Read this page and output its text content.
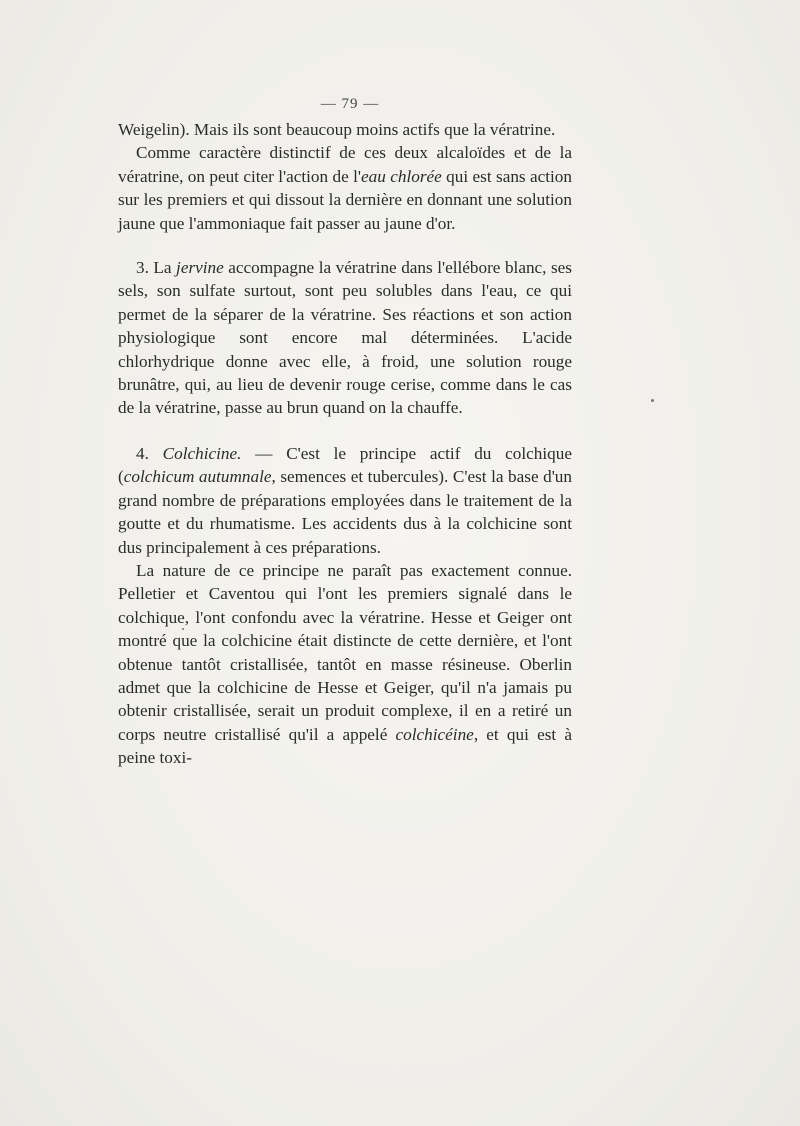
— 79 —

Weigelin). Mais ils sont beaucoup moins actifs que la vératrine.

Comme caractère distinctif de ces deux alcaloïdes et de la vératrine, on peut citer l'action de l'eau chlorée qui est sans action sur les premiers et qui dissout la dernière en donnant une solution jaune que l'ammoniaque fait passer au jaune d'or.

3. La jervine accompagne la vératrine dans l'ellébore blanc, ses sels, son sulfate surtout, sont peu solubles dans l'eau, ce qui permet de la séparer de la vératrine. Ses réactions et son action physiologique sont encore mal déterminées. L'acide chlorhydrique donne avec elle, à froid, une solution rouge brunâtre, qui, au lieu de devenir rouge cerise, comme dans le cas de la vératrine, passe au brun quand on la chauffe.

4. Colchicine. — C'est le principe actif du colchique (colchicum autumnale, semences et tubercules). C'est la base d'un grand nombre de préparations employées dans le traitement de la goutte et du rhumatisme. Les accidents dus à la colchicine sont dus principalement à ces préparations.

La nature de ce principe ne paraît pas exactement connue. Pelletier et Caventou qui l'ont les premiers signalé dans le colchique, l'ont confondu avec la vératrine. Hesse et Geiger ont montré que la colchicine était distincte de cette dernière, et l'ont obtenue tantôt cristallisée, tantôt en masse résineuse. Oberlin admet que la colchicine de Hesse et Geiger, qu'il n'a jamais pu obtenir cristallisée, serait un produit complexe, il en a retiré un corps neutre cristallisé qu'il a appelé colchicéine, et qui est à peine toxi-
